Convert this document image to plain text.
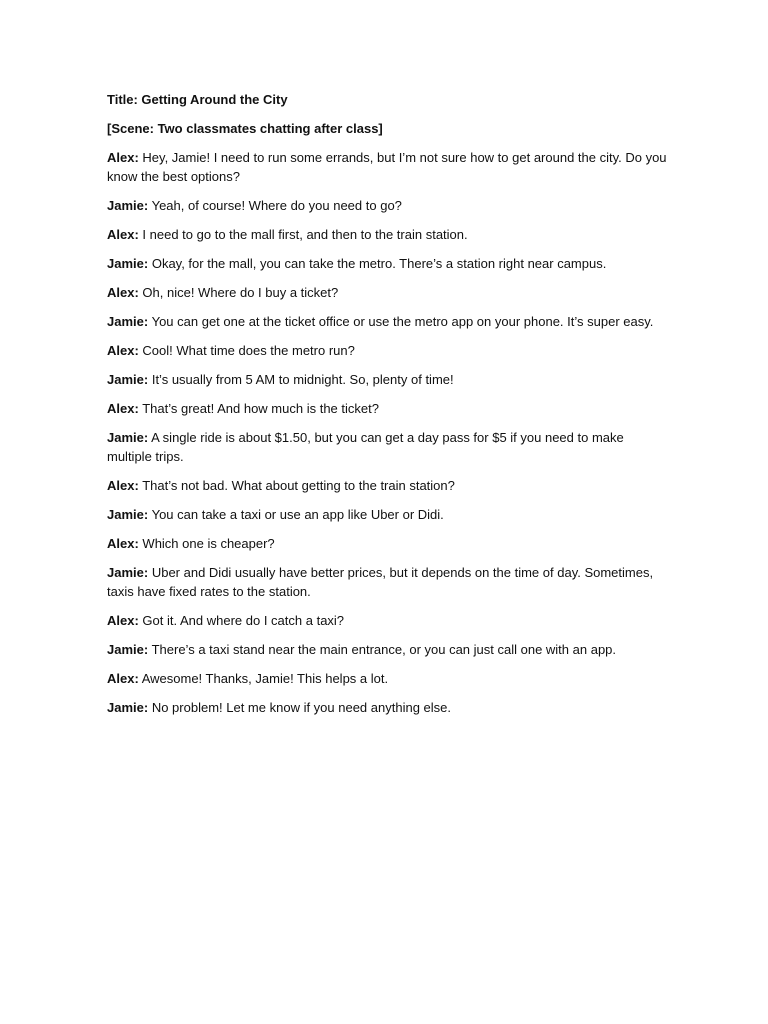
Title: Getting Around the City

[Scene: Two classmates chatting after class]

Alex: Hey, Jamie! I need to run some errands, but I’m not sure how to get around the city. Do you know the best options?

Jamie: Yeah, of course! Where do you need to go?

Alex: I need to go to the mall first, and then to the train station.

Jamie: Okay, for the mall, you can take the metro. There’s a station right near campus.

Alex: Oh, nice! Where do I buy a ticket?

Jamie: You can get one at the ticket office or use the metro app on your phone. It’s super easy.

Alex: Cool! What time does the metro run?

Jamie: It’s usually from 5 AM to midnight. So, plenty of time!

Alex: That’s great! And how much is the ticket?

Jamie: A single ride is about $1.50, but you can get a day pass for $5 if you need to make multiple trips.

Alex: That’s not bad. What about getting to the train station?

Jamie: You can take a taxi or use an app like Uber or Didi.

Alex: Which one is cheaper?

Jamie: Uber and Didi usually have better prices, but it depends on the time of day. Sometimes, taxis have fixed rates to the station.

Alex: Got it. And where do I catch a taxi?

Jamie: There’s a taxi stand near the main entrance, or you can just call one with an app.

Alex: Awesome! Thanks, Jamie! This helps a lot.

Jamie: No problem! Let me know if you need anything else.
